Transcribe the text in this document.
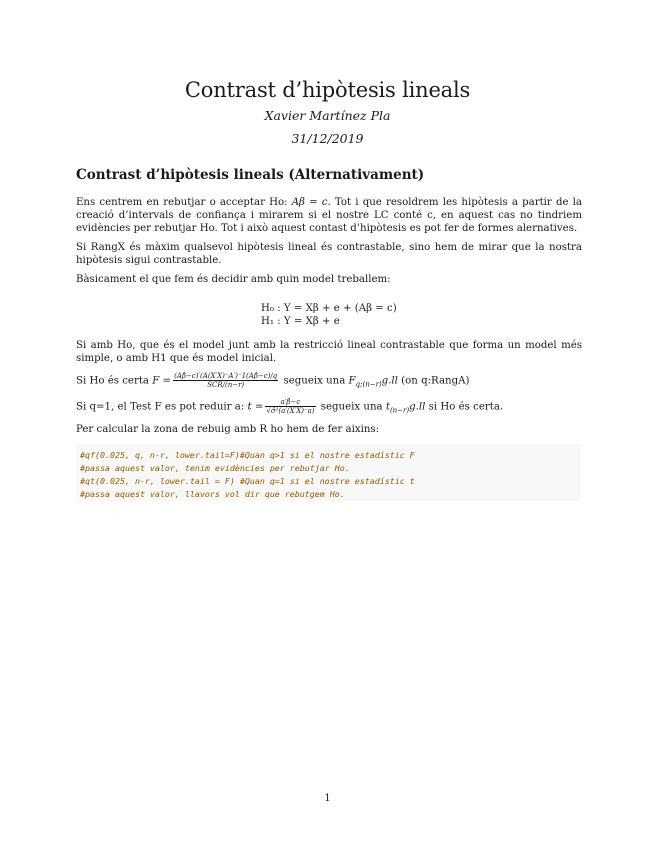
Contrast d’hipòtesis lineals
Xavier Martínez Pla
31/12/2019
Contrast d’hipòtesis lineals (Alternativament)
Ens centrem en rebutjar o acceptar Ho: Aβ = c. Tot i que resoldrem les hipòtesis a partir de la creació d’intervals de confiança i mirarem si el nostre LC conté c, en aquest cas no tindriem evidències per rebutjar Ho. Tot i això aquest contast d’hipòtesis es pot fer de formes alernatives.
Si RangX és màxim qualsevol hipòtesis lineal és contrastable, sino hem de mirar que la nostra hipòtesis sigui contrastable.
Bàsicament el que fem és decidir amb quin model treballem:
H₀ : Y = Xβ + e + (Aβ = c)
H₁ : Y = Xβ + e
Si amb Ho, que és el model junt amb la restricció lineal contrastable que forma un model més simple, o amb H1 que és model inicial.
Si Ho és certa $F = \frac{(A\betâ-c)'(A(X'X)^-A')^-1(A\betâ-c)/q}{\text{SCR/(n−r)}}$ segueix una $F_{q;(n-r)}g.ll$ (on q:RangA)
Si q=1, el Test F es pot reduir a: $t = \frac{a'\betâ-c}{\text{√σ̂²(a′(X′X)⁻a)}}$ segueix una $t_{(n-r)}g.ll$ si Ho és certa.
Per calcular la zona de rebuig amb R ho hem de fer aixins:
#qf(0.025, q, n-r, lower.tail=F)#Quan q>1 si el nostre estadístic F
#passa aquest valor, tenim evidències per rebutjar Ho.
#qt(0.025, n-r, lower.tail = F) #Quan q=1 si el nostre estadístic t
#passa aquest valor, llavors vol dir que rebutgem Ho.
1
